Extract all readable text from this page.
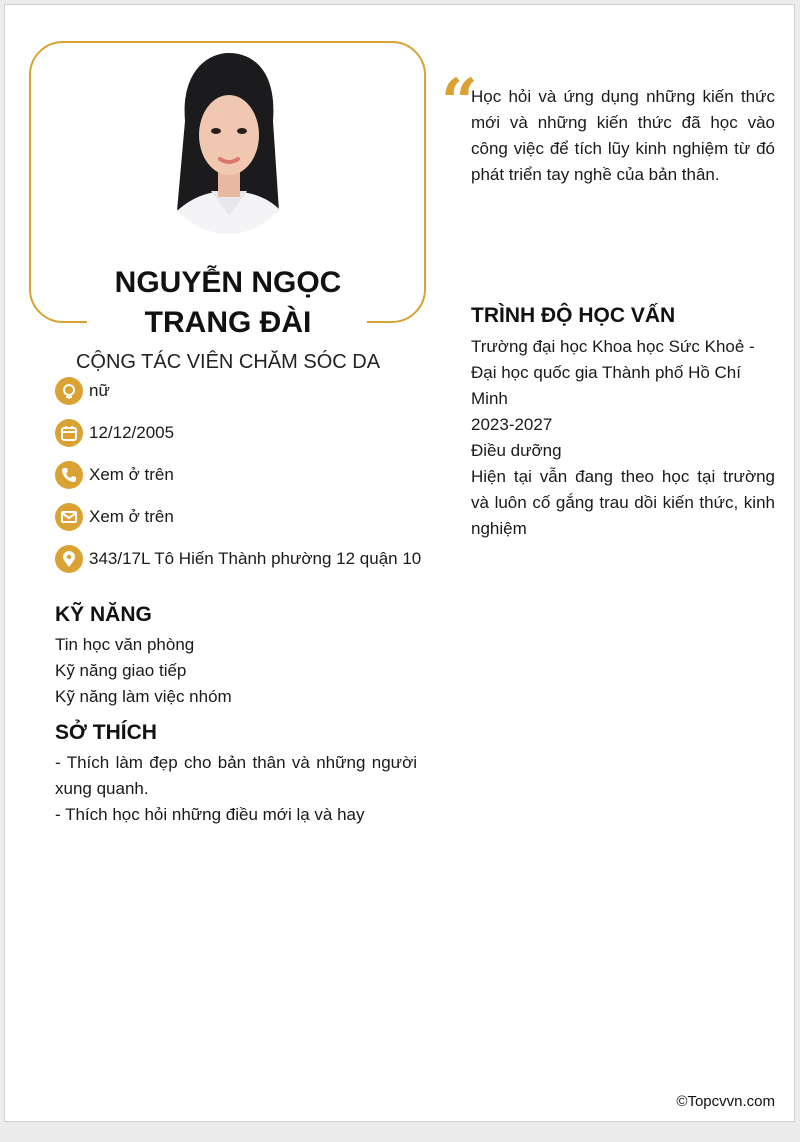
NGUYỄN NGỌC
TRANG ĐÀI
CỘNG TÁC VIÊN CHĂM SÓC DA
nữ
12/12/2005
Xem ở trên
Xem ở trên
343/17L Tô Hiến Thành phường 12 quận 10
KỸ NĂNG
Tin học văn phòng
Kỹ năng giao tiếp
Kỹ năng làm việc nhóm
SỞ THÍCH
- Thích làm đẹp cho bản thân và những người xung quanh.
- Thích học hỏi những điều mới lạ và hay
“
Học hỏi và ứng dụng những kiến thức mới và những kiến thức đã học vào công việc để tích lũy kinh nghiệm từ đó phát triển tay nghề của bản thân.
TRÌNH ĐỘ HỌC VẤN
Trường đại học Khoa học Sức Khoẻ - Đại học quốc gia Thành phố Hồ Chí Minh
2023-2027
Điều dưỡng
Hiện tại vẫn đang theo học tại trường và luôn cố gắng trau dồi kiến thức, kinh nghiệm
©Topcvvn.com
